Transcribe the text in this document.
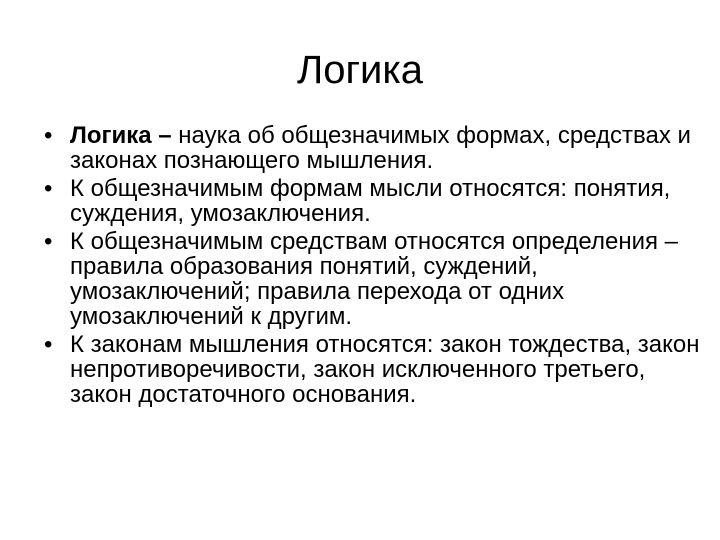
Логика
• Логика – наука об общезначимых формах, средствах и законах познающего мышления.
• К общезначимым формам мысли относятся: понятия, суждения, умозаключения.
• К общезначимым средствам относятся определения – правила образования понятий, суждений, умозаключений; правила перехода от одних умозаключений к другим.
• К законам мышления относятся: закон тождества, закон непротиворечивости, закон исключенного третьего, закон достаточного основания.
